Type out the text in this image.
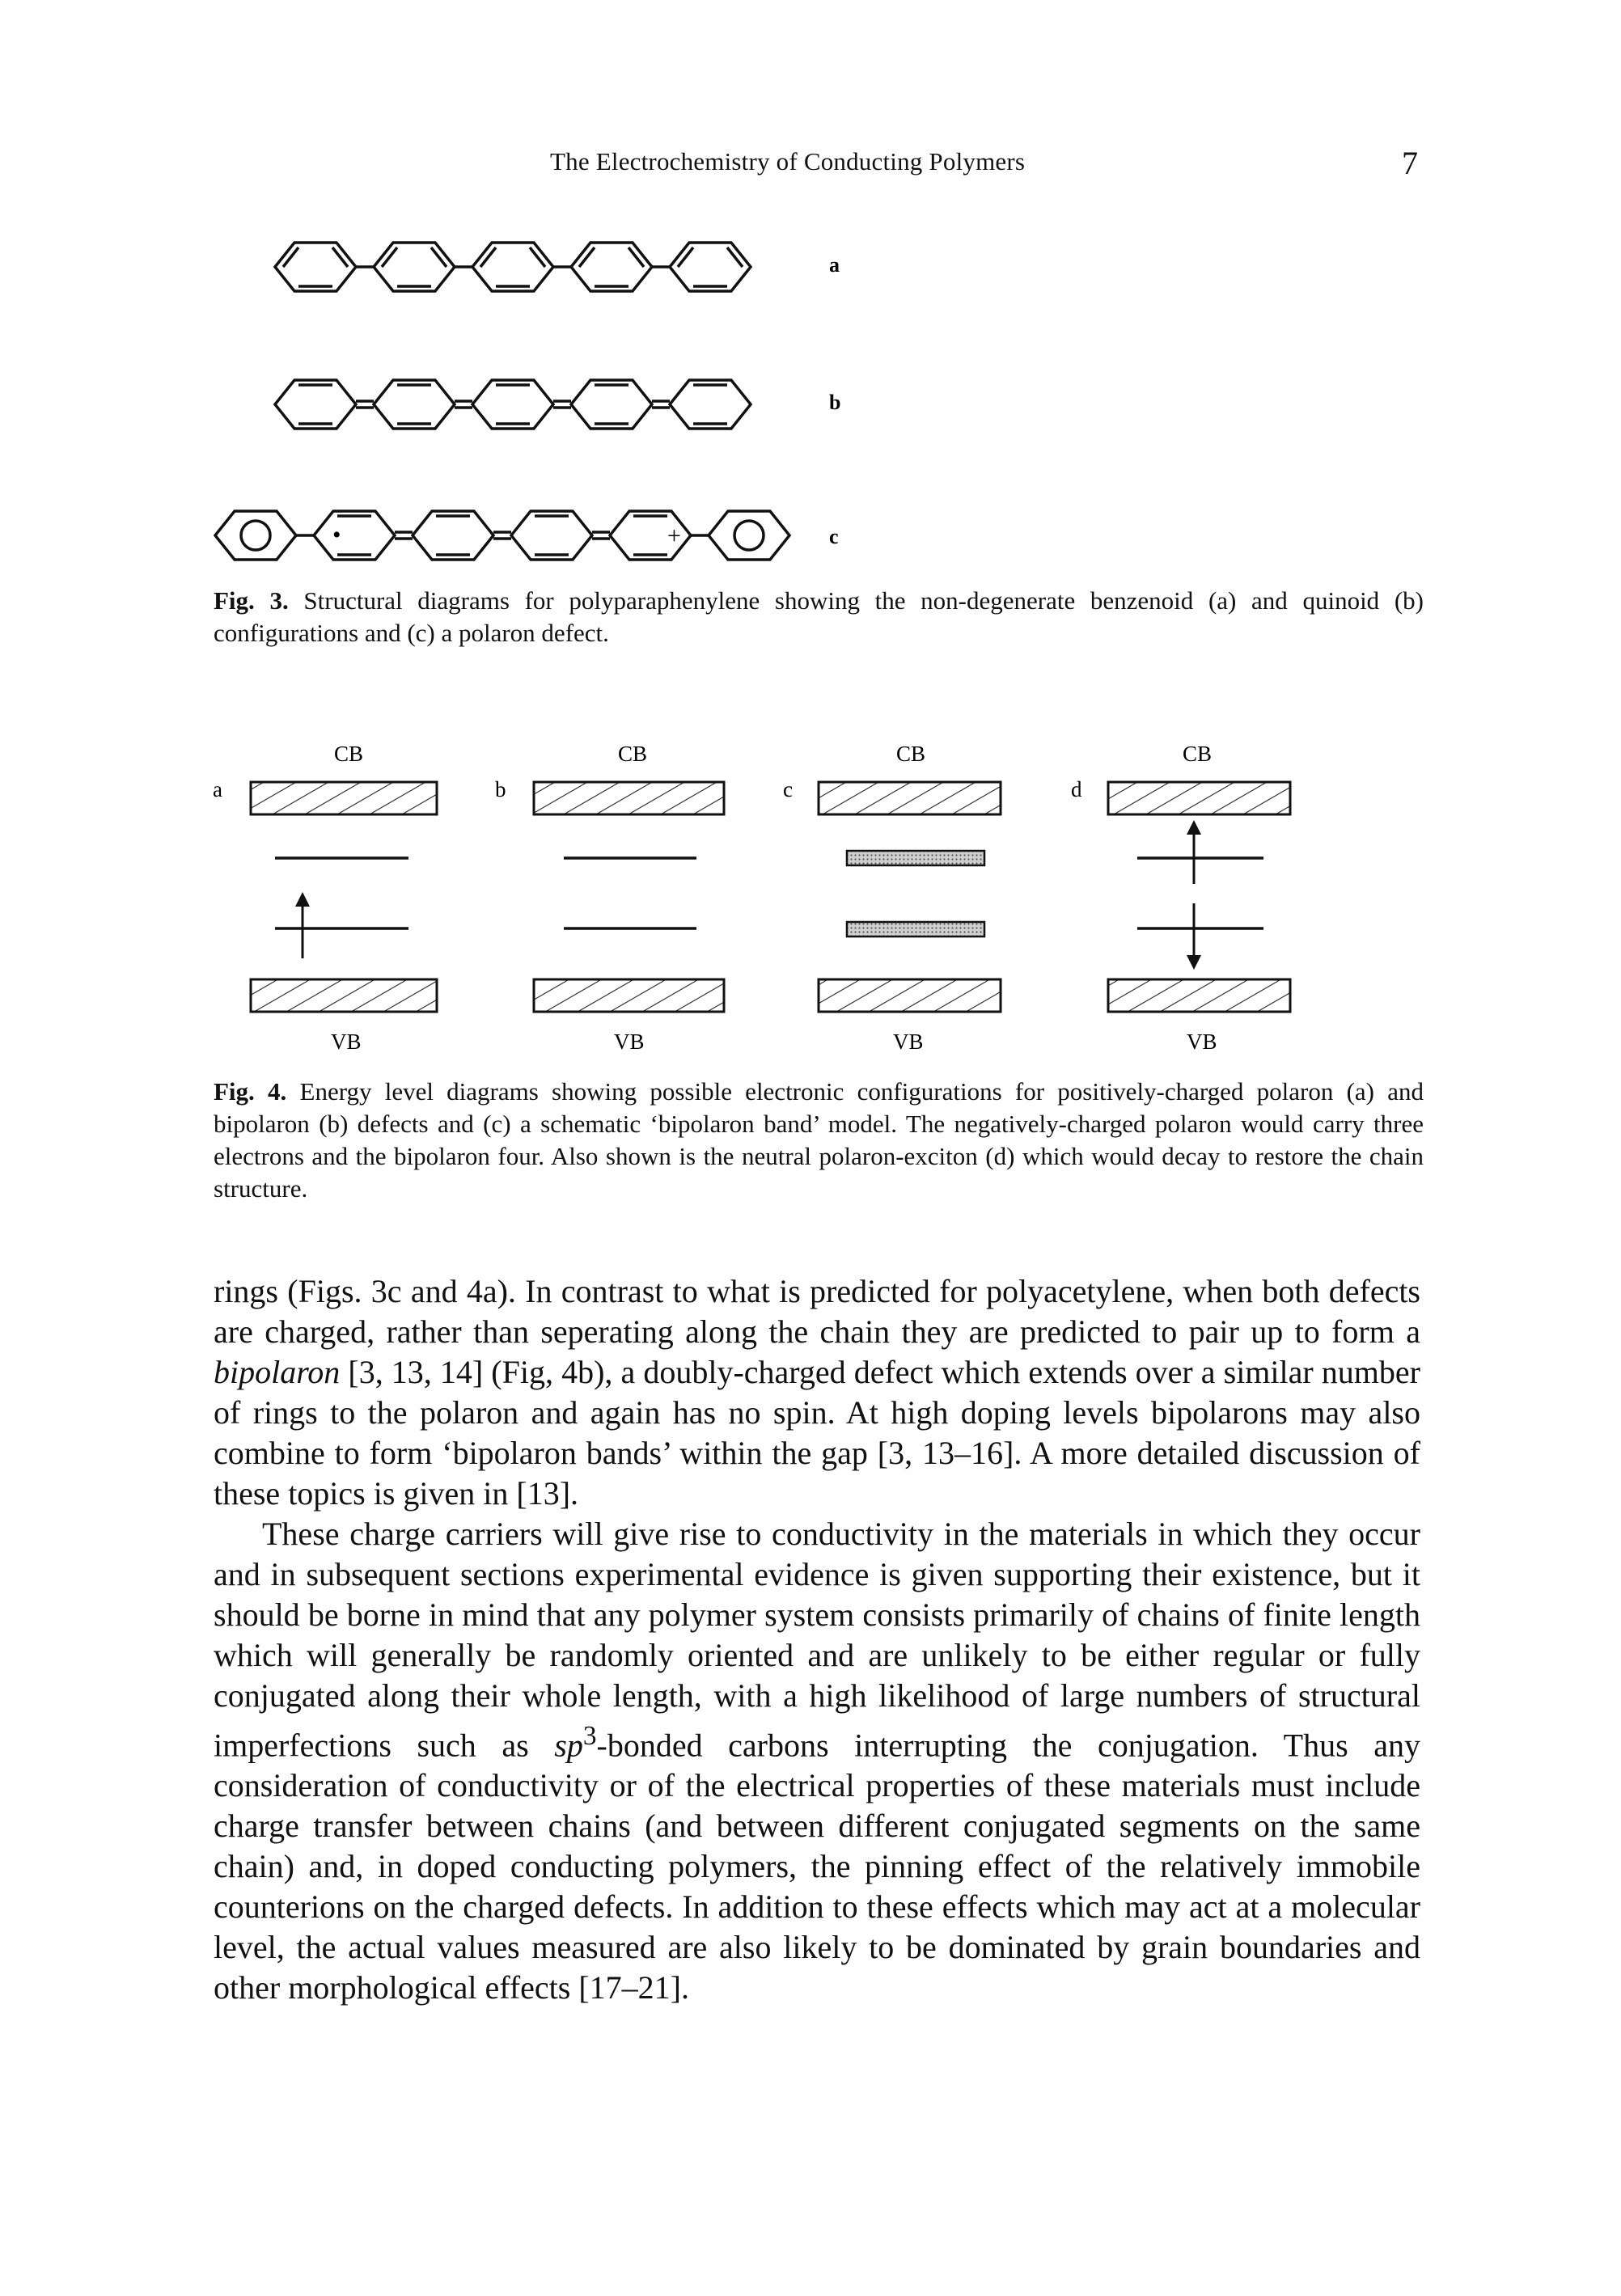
The Electrochemistry of Conducting Polymers	7
a
b
•	+	c
Fig. 3. Structural diagrams for polyparaphenylene showing the non-degenerate benzenoid (a) and quinoid (b) configurations and (c) a polaron defect.
a
CB
VB
b
CB
VB
c
CB
VB
d
CB
VB
Fig. 4. Energy level diagrams showing possible electronic configurations for positively-charged polaron (a) and bipolaron (b) defects and (c) a schematic ‘bipolaron band’ model. The negatively-charged polaron would carry three electrons and the bipolaron four. Also shown is the neutral polaron-exciton (d) which would decay to restore the chain structure.

rings (Figs. 3c and 4a). In contrast to what is predicted for polyacetylene, when both defects are charged, rather than seperating along the chain they are predicted to pair up to form a bipolaron [3, 13, 14] (Fig, 4b), a doubly-charged defect which extends over a similar number of rings to the polaron and again has no spin. At high doping levels bipolarons may also combine to form ‘bipolaron bands’ within the gap [3, 13–16]. A more detailed discussion of these topics is given in [13].

These charge carriers will give rise to conductivity in the materials in which they occur and in subsequent sections experimental evidence is given supporting their existence, but it should be borne in mind that any polymer system consists primarily of chains of finite length which will generally be randomly oriented and are unlikely to be either regular or fully conjugated along their whole length, with a high likelihood of large numbers of structural imperfections such as $sp^3$-bonded carbons interrupting the conjugation. Thus any consideration of conductivity or of the electrical properties of these materials must include charge transfer between chains (and between different conjugated segments on the same chain) and, in doped conducting polymers, the pinning effect of the relatively immobile counterions on the charged defects. In addition to these effects which may act at a molecular level, the actual values measured are also likely to be dominated by grain boundaries and other morphological effects [17–21].
